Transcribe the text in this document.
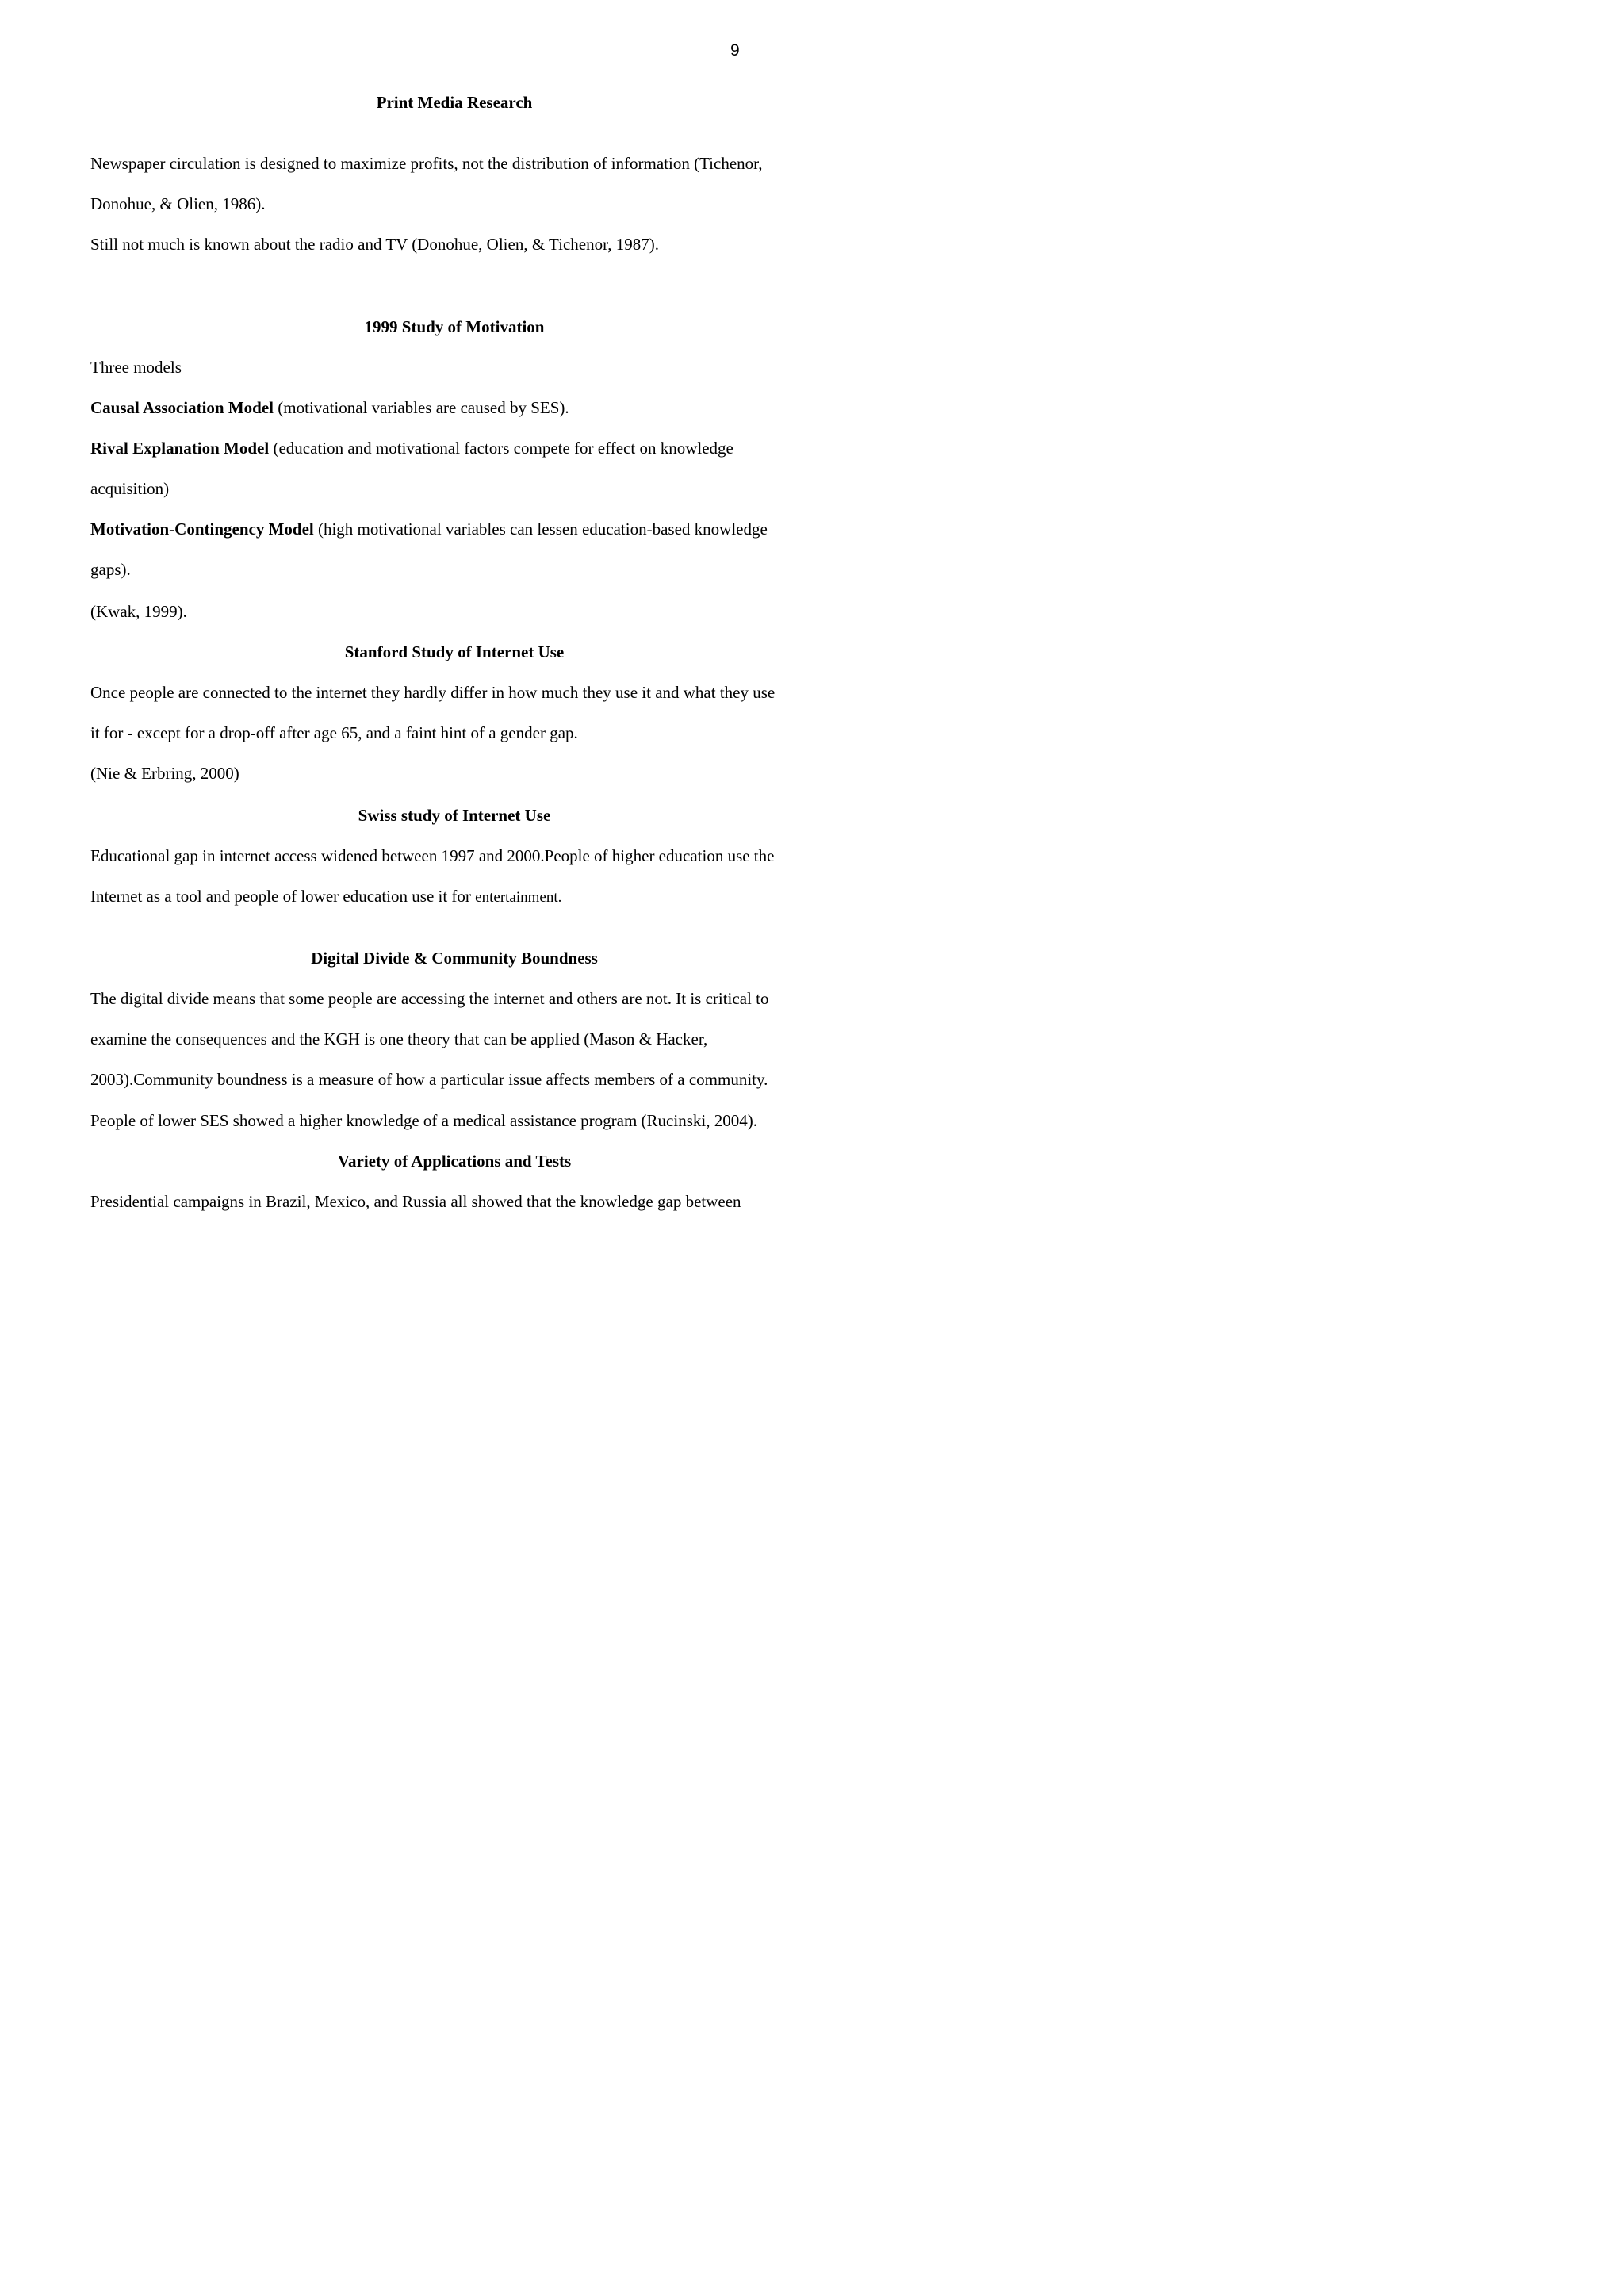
9
Print Media Research
Newspaper circulation is designed to maximize profits, not the distribution of information (Tichenor,
Donohue, & Olien, 1986).
Still not much is known about the radio and TV (Donohue, Olien, & Tichenor, 1987).
1999 Study of Motivation
Three models
Causal Association Model (motivational variables are caused by SES).
Rival Explanation Model (education and motivational factors compete for effect on knowledge
acquisition)
Motivation-Contingency Model (high motivational variables can lessen education-based knowledge
gaps).
(Kwak, 1999).
Stanford Study of Internet Use
Once people are connected to the internet they hardly differ in how much they use it and what they use
it for - except for a drop-off after age 65, and a faint hint of a gender gap.
(Nie & Erbring, 2000)
Swiss study of Internet Use
Educational gap in internet access widened between 1997 and 2000.People of higher education use the
Internet as a tool and people of lower education use it for entertainment.
Digital Divide & Community Boundness
The digital divide means that some people are accessing the internet and others are not. It is critical to
examine the consequences and the KGH is one theory that can be applied (Mason & Hacker,
2003).Community boundness is a measure of how a particular issue affects members of a community.
People of lower SES showed a higher knowledge of a medical assistance program (Rucinski, 2004).
Variety of Applications and Tests
Presidential campaigns in Brazil, Mexico, and Russia all showed that the knowledge gap between
